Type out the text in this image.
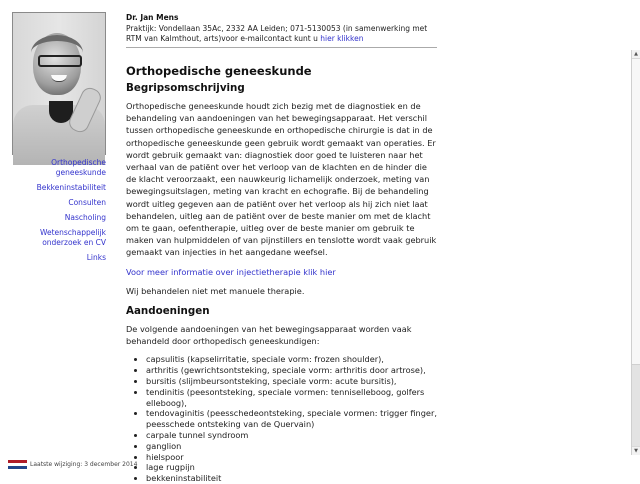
Orthopedische geneeskunde
Bekkeninstabiliteit
Consulten
Nascholing
Wetenschappelijk onderzoek en CV
Links
Dr. Jan Mens
Praktijk: Vondellaan 35Ac, 2332 AA Leiden; 071-5130053 (in samenwerking met RTM van Kalmthout, arts)voor e-mailcontact kunt u hier klikken
Orthopedische geneeskunde
Begripsomschrijving

Orthopedische geneeskunde houdt zich bezig met de diagnostiek en de behandeling van aandoeningen van het bewegingsapparaat. Het verschil tussen orthopedische geneeskunde en orthopedische chirurgie is dat in de orthopedische geneeskunde geen gebruik wordt gemaakt van operaties. Er wordt gebruik gemaakt van: diagnostiek door goed te luisteren naar het verhaal van de patiënt over het verloop van de klachten en de hinder die de klacht veroorzaakt, een nauwkeurig lichamelijk onderzoek, meting van bewegingsuitslagen, meting van kracht en echografie. Bij de behandeling wordt uitleg gegeven aan de patiënt over het verloop als hij zich niet laat behandelen, uitleg aan de patiënt over de beste manier om met de klacht om te gaan, oefentherapie, uitleg over de beste manier om gebruik te maken van hulpmiddelen of van pijnstillers en tenslotte wordt vaak gebruik gemaakt van injecties in het aangedane weefsel.

Voor meer informatie over injectietherapie klik hier

Wij behandelen niet met manuele therapie.

Aandoeningen

De volgende aandoeningen van het bewegingsapparaat worden vaak behandeld door orthopedisch geneeskundigen:

• capsulitis (kapselirritatie, speciale vorm: frozen shoulder),
• arthritis (gewrichtsontsteking, speciale vorm: arthritis door artrose),
• bursitis (slijmbeursontsteking, speciale vorm: acute bursitis),
• tendinitis (peesontsteking, speciale vormen: tenniselleboog, golfers elleboog),
• tendovaginitis (peesschedeontsteking, speciale vormen: trigger finger, peesschede ontsteking van de Quervain)
• carpale tunnel syndroom
• ganglion
• hielspoor
• lage rugpijn
• bekkeninstabiliteit
▲
▼
Laatste wijziging: 3 december 2014
